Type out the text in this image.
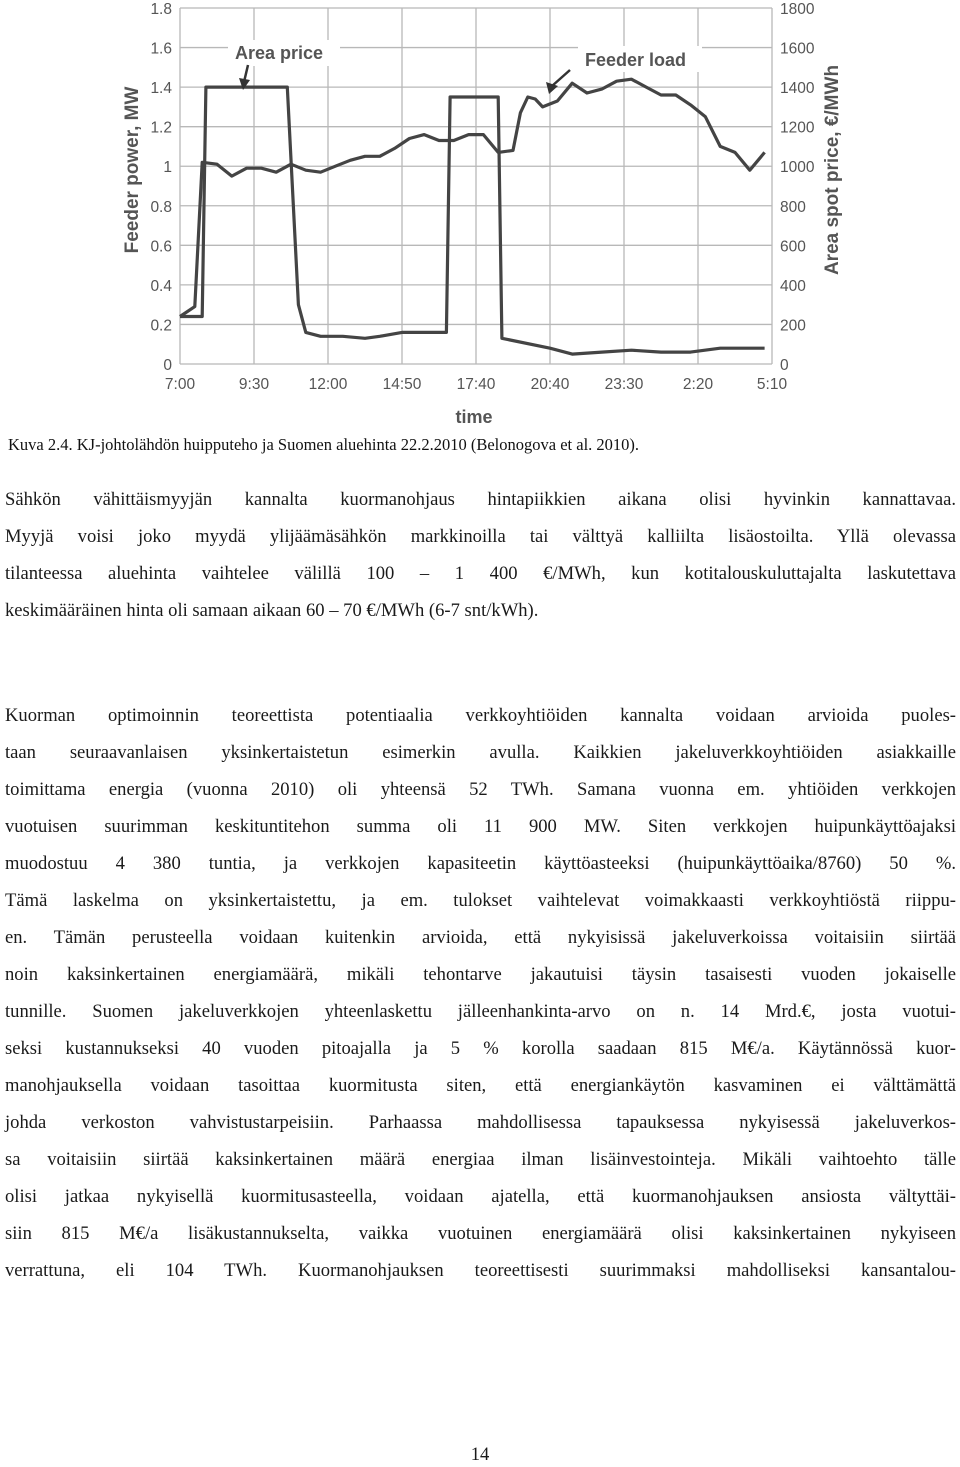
1.8
1.6
1.4
1.2
1
0.8
0.6
0.4
0.2
0
1800
1600
1400
1200
1000
800
600
400
200
0
7:00	9:30	12:00 14:50 17:40 20:40 23:30	2:20	5:10
Feeder power, MW	Area spot price, €/MWh
time
Area price	Feeder load
Kuva 2.4. KJ-johtolähdön huipputeho ja Suomen aluehinta 22.2.2010 (Belonogova et al. 2010).
Sähkön vähittäismyyjän kannalta kuormanohjaus hintapiikkien aikana olisi hyvinkin kannattavaa.
Myyjä voisi joko myydä ylijäämäsähkön markkinoilla tai välttyä kalliilta lisäostoilta. Yllä olevassa
tilanteessa aluehinta vaihtelee välillä 100 – 1 400 €/MWh, kun kotitalouskuluttajalta laskutettava
keskimääräinen hinta oli samaan aikaan 60 – 70 €/MWh (6-7 snt/kWh).
Kuorman optimoinnin teoreettista potentiaalia verkkoyhtiöiden kannalta voidaan arvioida puoles-
taan seuraavanlaisen yksinkertaistetun esimerkin avulla. Kaikkien jakeluverkkoyhtiöiden asiakkaille
toimittama energia (vuonna 2010) oli yhteensä 52 TWh. Samana vuonna em. yhtiöiden verkkojen
vuotuisen suurimman keskituntitehon summa oli 11 900 MW. Siten verkkojen huipunkäyttöajaksi
muodostuu 4 380 tuntia, ja verkkojen kapasiteetin käyttöasteeksi (huipunkäyttöaika/8760) 50 %.
Tämä laskelma on yksinkertaistettu, ja em. tulokset vaihtelevat voimakkaasti verkkoyhtiöstä riippu-
en. Tämän perusteella voidaan kuitenkin arvioida, että nykyisissä jakeluverkoissa voitaisiin siirtää
noin kaksinkertainen energiamäärä, mikäli tehontarve jakautuisi täysin tasaisesti vuoden jokaiselle
tunnille. Suomen jakeluverkkojen yhteenlaskettu jälleenhankinta-arvo on n. 14 Mrd.€, josta vuotui-
seksi kustannukseksi 40 vuoden pitoajalla ja 5 % korolla saadaan 815 M€/a. Käytännössä kuor-
manohjauksella voidaan tasoittaa kuormitusta siten, että energiankäytön kasvaminen ei välttämättä
johda verkoston vahvistustarpeisiin. Parhaassa mahdollisessa tapauksessa nykyisessä jakeluverkos-
sa voitaisiin siirtää kaksinkertainen määrä energiaa ilman lisäinvestointeja. Mikäli vaihtoehto tälle
olisi jatkaa nykyisellä kuormitusasteella, voidaan ajatella, että kuormanohjauksen ansiosta vältyttäi-
siin 815 M€/a lisäkustannukselta, vaikka vuotuinen energiamäärä olisi kaksinkertainen nykyiseen
verrattuna, eli 104 TWh. Kuormanohjauksen teoreettisesti suurimmaksi mahdolliseksi kansantalou-
14
